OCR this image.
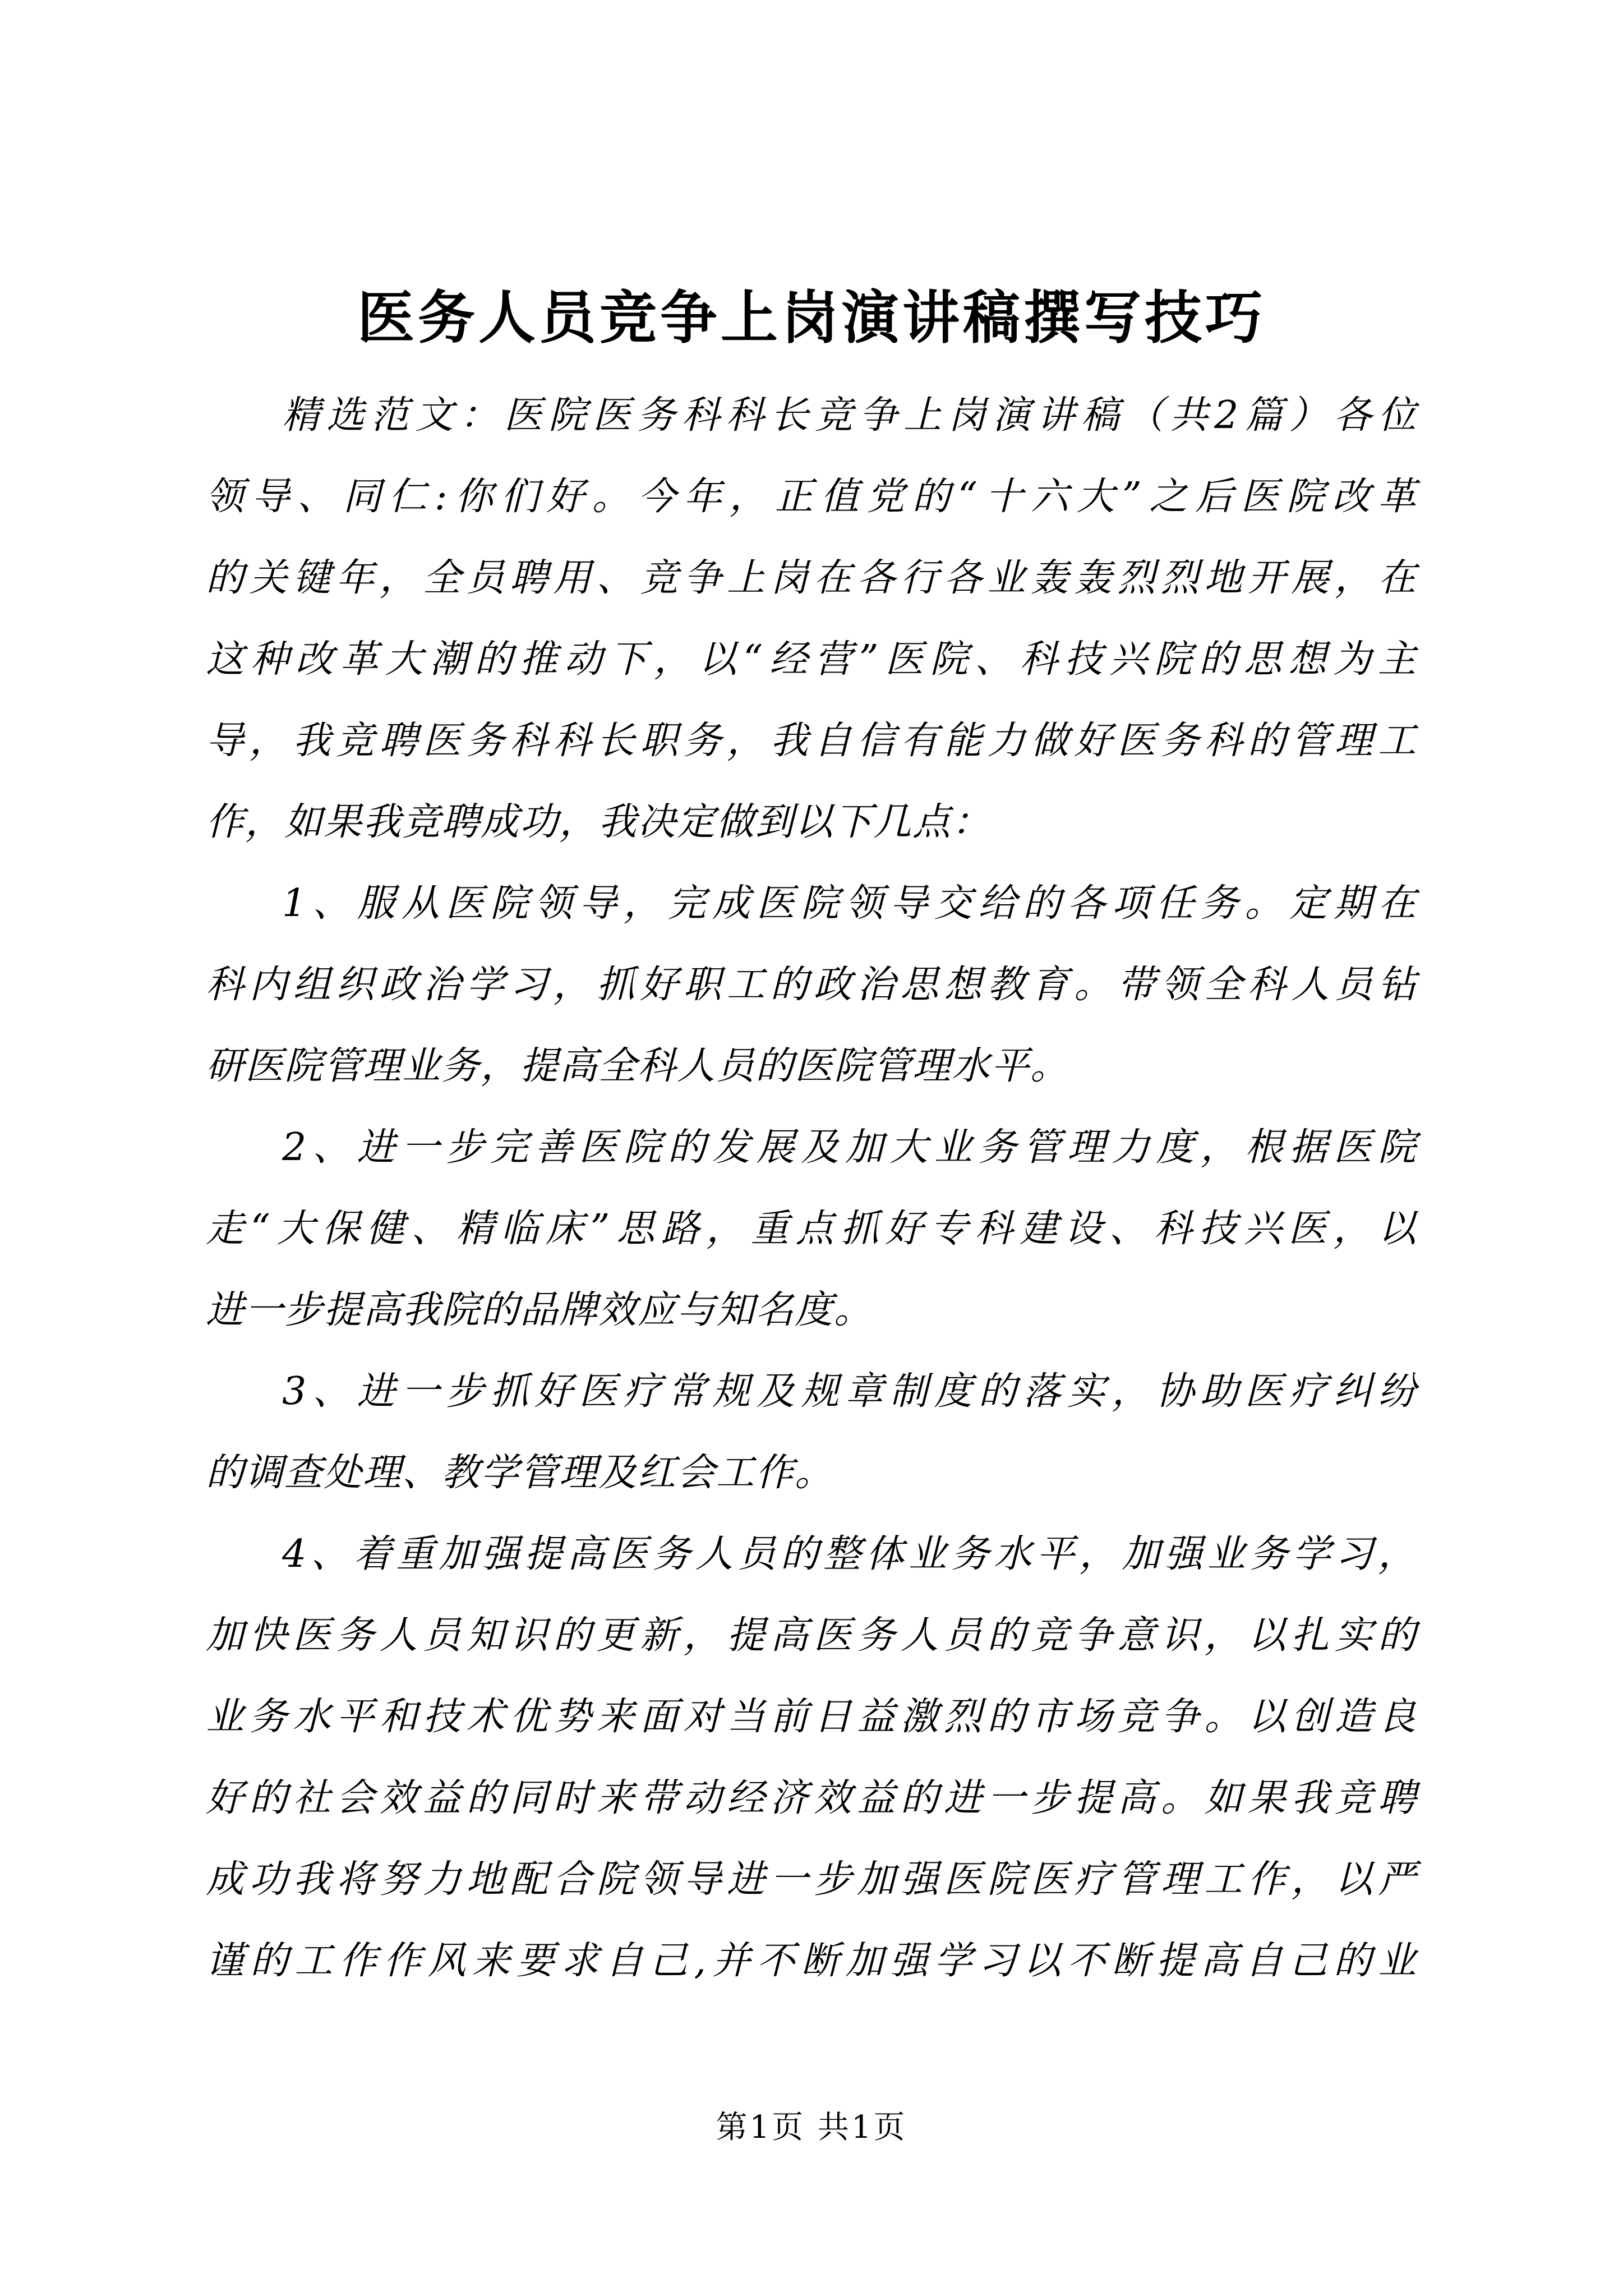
医务人员竞争上岗演讲稿撰写技巧
精选范文：医院医务科科长竞争上岗演讲稿（共2篇）各位
领导、同仁:你们好。今年，正值党的“十六大”之后医院改革
的关键年，全员聘用、竞争上岗在各行各业轰轰烈烈地开展，在
这种改革大潮的推动下，以“经营”医院、科技兴院的思想为主
导，我竞聘医务科科长职务，我自信有能力做好医务科的管理工
作，如果我竞聘成功，我决定做到以下几点：
1、服从医院领导，完成医院领导交给的各项任务。定期在
科内组织政治学习，抓好职工的政治思想教育。带领全科人员钻
研医院管理业务，提高全科人员的医院管理水平。
2、进一步完善医院的发展及加大业务管理力度，根据医院
走“大保健、精临床”思路，重点抓好专科建设、科技兴医，以
进一步提高我院的品牌效应与知名度。
3、进一步抓好医疗常规及规章制度的落实，协助医疗纠纷
的调查处理、教学管理及红会工作。
4、着重加强提高医务人员的整体业务水平，加强业务学习，
加快医务人员知识的更新，提高医务人员的竞争意识，以扎实的
业务水平和技术优势来面对当前日益激烈的市场竞争。以创造良
好的社会效益的同时来带动经济效益的进一步提高。如果我竞聘
成功我将努力地配合院领导进一步加强医院医疗管理工作，以严
谨的工作作风来要求自己,并不断加强学习以不断提高自己的业
第1页 共1页
